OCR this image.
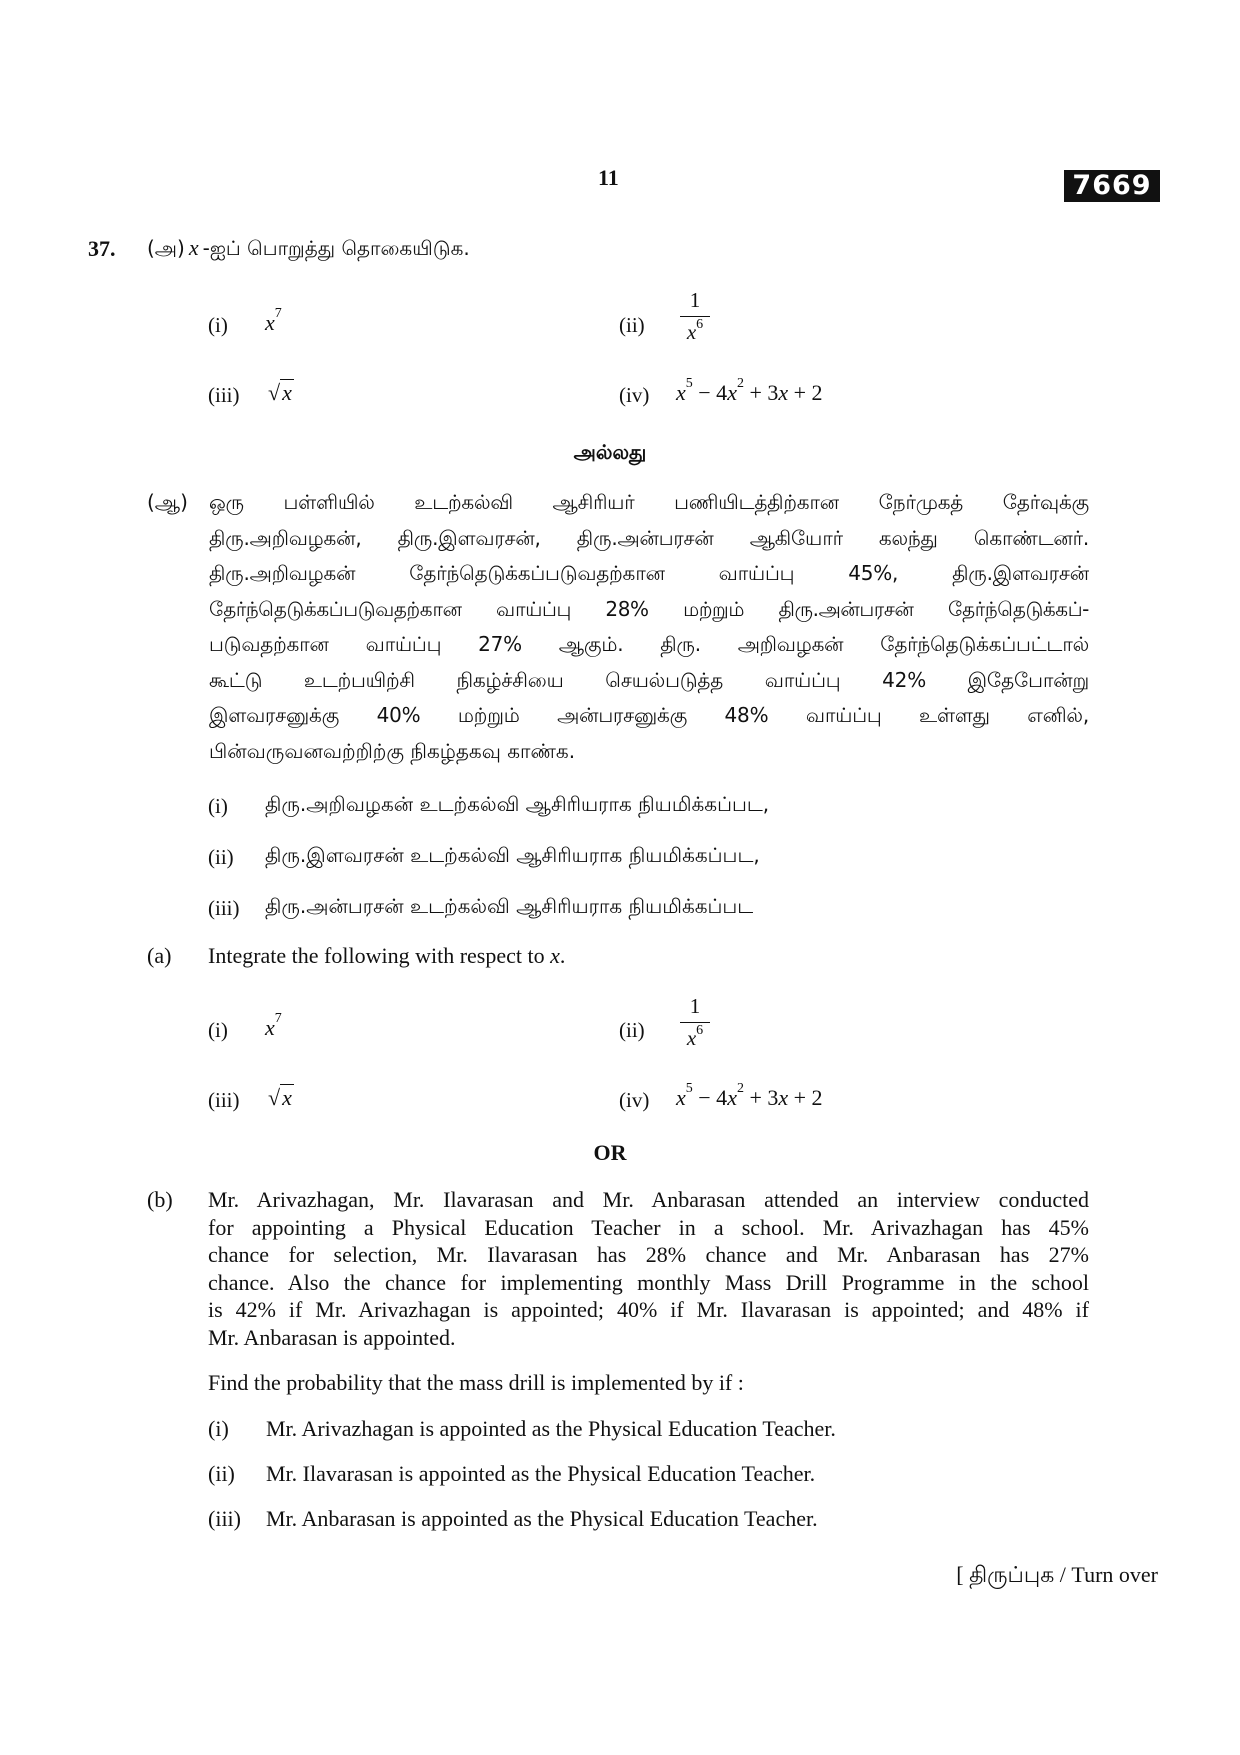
11	7669
37. (அ) x -ஐப் பொறுத்து தொகையிடுக.
(i) $x^7$	(ii)
1
$x^6$
(iii) √x	(iv) $x^5 - 4x^2 + 3x + 2$
அல்லது
(ஆ) ஒரு பள்ளியில் உடற்கல்வி ஆசிரியர் பணியிடத்திற்கான நேர்முகத் தேர்வுக்கு
திரு.அறிவழகன், திரு.இளவரசன், திரு.அன்பரசன் ஆகியோர் கலந்து கொண்டனர்.
திரு.அறிவழகன் தேர்ந்தெடுக்கப்படுவதற்கான வாய்ப்பு 45%, திரு.இளவரசன்
தேர்ந்தெடுக்கப்படுவதற்கான வாய்ப்பு 28% மற்றும் திரு.அன்பரசன் தேர்ந்தெடுக்கப்-
படுவதற்கான வாய்ப்பு 27% ஆகும். திரு. அறிவழகன் தேர்ந்தெடுக்கப்பட்டால்
கூட்டு உடற்பயிற்சி நிகழ்ச்சியை செயல்படுத்த வாய்ப்பு 42% இதேபோன்று
இளவரசனுக்கு 40% மற்றும் அன்பரசனுக்கு 48% வாய்ப்பு உள்ளது எனில்,
பின்வருவனவற்றிற்கு நிகழ்தகவு காண்க.
(i) திரு.அறிவழகன் உடற்கல்வி ஆசிரியராக நியமிக்கப்பட,
(ii) திரு.இளவரசன் உடற்கல்வி ஆசிரியராக நியமிக்கப்பட,
(iii) திரு.அன்பரசன் உடற்கல்வி ஆசிரியராக நியமிக்கப்பட
(a) Integrate the following with respect to x.
(i) $x^7$	(ii)
1
$x^6$
(iii) √x	(iv) $x^5 - 4x^2 + 3x + 2$
OR
(b) Mr. Arivazhagan, Mr. Ilavarasan and Mr. Anbarasan attended an interview conducted
for appointing a Physical Education Teacher in a school. Mr. Arivazhagan has 45%
chance for selection, Mr. Ilavarasan has 28% chance and Mr. Anbarasan has 27%
chance. Also the chance for implementing monthly Mass Drill Programme in the school
is 42% if Mr. Arivazhagan is appointed; 40% if Mr. Ilavarasan is appointed; and 48% if
Mr. Anbarasan is appointed.
Find the probability that the mass drill is implemented by if :
(i) Mr. Arivazhagan is appointed as the Physical Education Teacher.
(ii) Mr. Ilavarasan is appointed as the Physical Education Teacher.
(iii) Mr. Anbarasan is appointed as the Physical Education Teacher.
[ திருப்புக / Turn over
